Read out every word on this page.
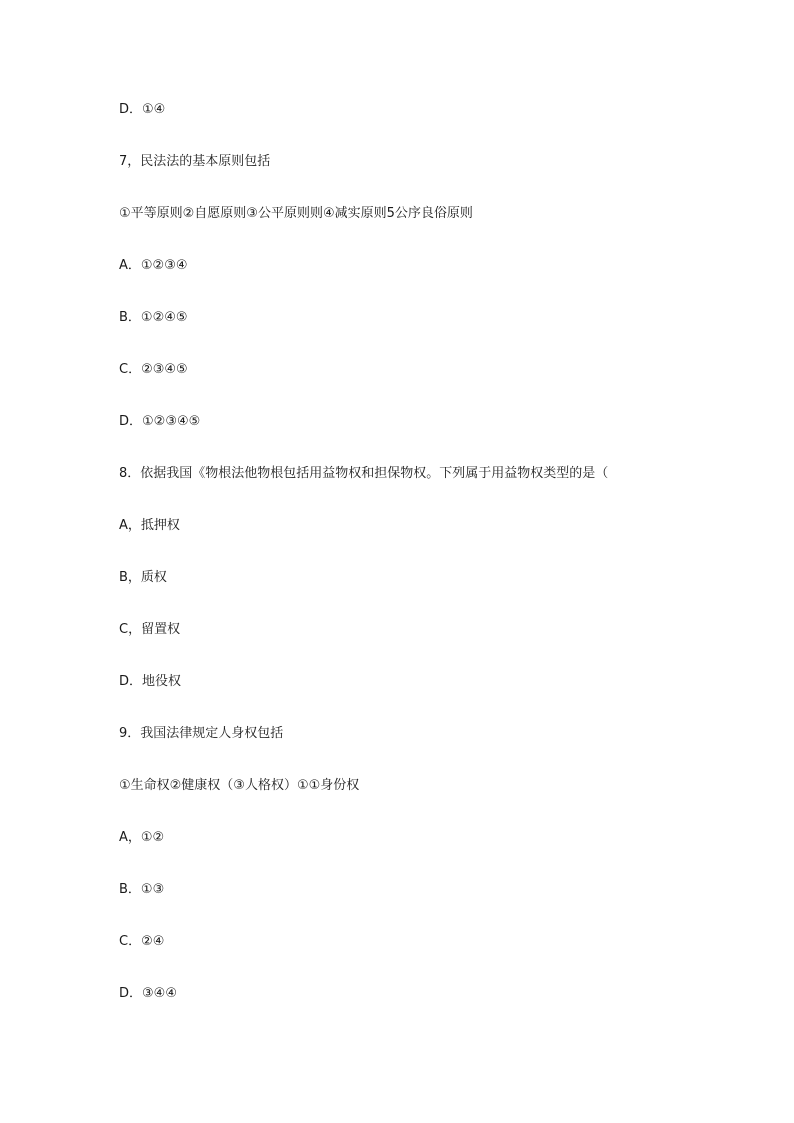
D．①④
7，民法法的基本原则包括
①平等原则②自愿原则③公平原则则④减实原则5公序良俗原则
A．①②③④
B．①②④⑤
C．②③④⑤
D．①②③④⑤
8．依据我国《物根法他物根包括用益物权和担保物权。下列属于用益物权类型的是（
A，抵押权
B，质权
C，留置权
D．地役权
9．我国法律规定人身权包括
①生命权②健康权（③人格权）①①身份权
A，①②
B．①③
C．②④
D．③④④
